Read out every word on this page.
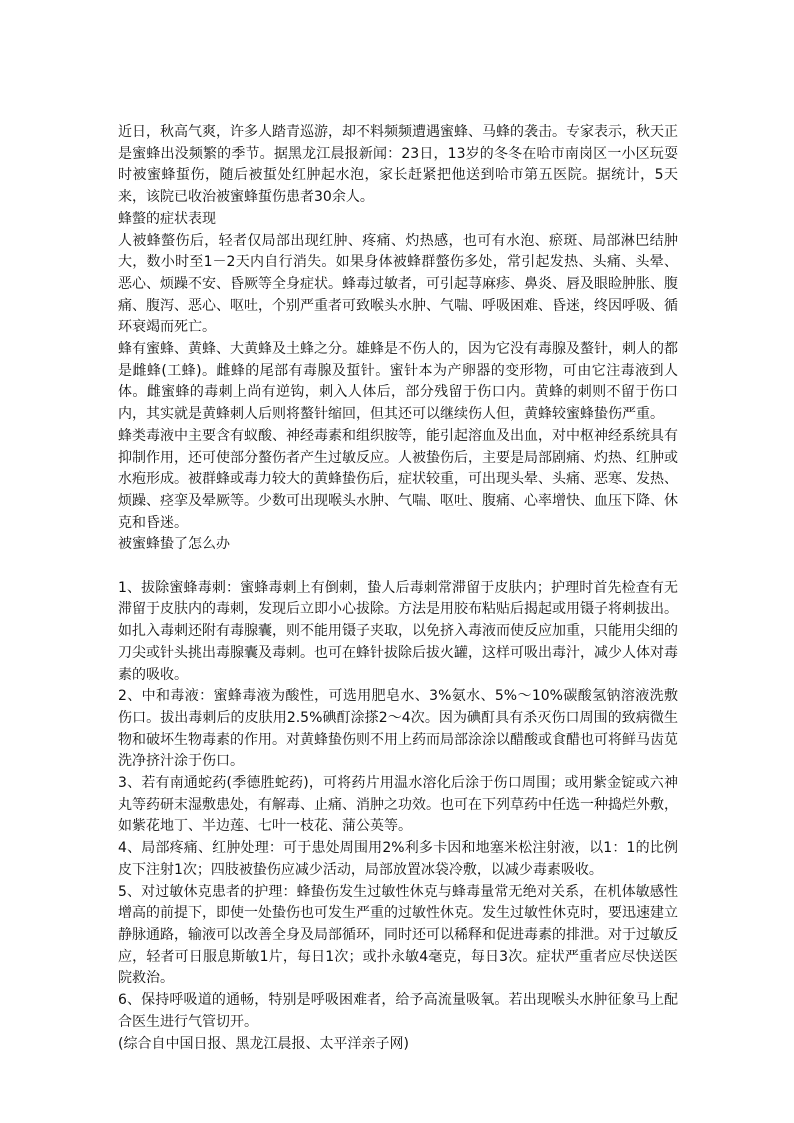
近日，秋高气爽，许多人踏青巡游，却不料频频遭遇蜜蜂、马蜂的袭击。专家表示，秋天正是蜜蜂出没频繁的季节。据黑龙江晨报新闻：23日，13岁的冬冬在哈市南岗区一小区玩耍时被蜜蜂蜇伤，随后被蜇处红肿起水泡，家长赶紧把他送到哈市第五医院。据统计，5天来，该院已收治被蜜蜂蜇伤患者30余人。

蜂螫的症状表现

人被蜂螫伤后，轻者仅局部出现红肿、疼痛、灼热感，也可有水泡、瘀斑、局部淋巴结肿大，数小时至1－2天内自行消失。如果身体被蜂群螫伤多处，常引起发热、头痛、头晕、恶心、烦躁不安、昏厥等全身症状。蜂毒过敏者，可引起荨麻疹、鼻炎、唇及眼睑肿胀、腹痛、腹泻、恶心、呕吐，个别严重者可致喉头水肿、气喘、呼吸困难、昏迷，终因呼吸、循环衰竭而死亡。

蜂有蜜蜂、黄蜂、大黄蜂及土蜂之分。雄蜂是不伤人的，因为它没有毒腺及螯针，刺人的都是雌蜂(工蜂)。雌蜂的尾部有毒腺及蜇针。蜜针本为产卵器的变形物，可由它注毒液到人体。雌蜜蜂的毒刺上尚有逆钩，刺入人体后，部分残留于伤口内。黄蜂的刺则不留于伤口内，其实就是黄蜂刺人后则将螯针缩回，但其还可以继续伤人但，黄蜂较蜜蜂蛰伤严重。

蜂类毒液中主要含有蚁酸、神经毒素和组织胺等，能引起溶血及出血，对中枢神经系统具有抑制作用，还可使部分螯伤者产生过敏反应。人被蛰伤后，主要是局部剧痛、灼热、红肿或水疱形成。被群蜂或毒力较大的黄蜂蛰伤后，症状较重，可出现头晕、头痛、恶寒、发热、烦躁、痉挛及晕厥等。少数可出现喉头水肿、气喘、呕吐、腹痛、心率增快、血压下降、休克和昏迷。

被蜜蜂蛰了怎么办

1、拔除蜜蜂毒刺：蜜蜂毒刺上有倒刺，蛰人后毒刺常滞留于皮肤内；护理时首先检查有无滞留于皮肤内的毒刺，发现后立即小心拔除。方法是用胶布粘贴后揭起或用镊子将刺拔出。如扎入毒刺还附有毒腺囊，则不能用镊子夹取，以免挤入毒液而使反应加重，只能用尖细的刀尖或针头挑出毒腺囊及毒刺。也可在蜂针拔除后拔火罐，这样可吸出毒汁，减少人体对毒素的吸收。

2、中和毒液：蜜蜂毒液为酸性，可选用肥皂水、3%氨水、5%～10%碳酸氢钠溶液洗敷伤口。拔出毒刺后的皮肤用2.5%碘酊涂搽2～4次。因为碘酊具有杀灭伤口周围的致病微生物和破坏生物毒素的作用。对黄蜂蛰伤则不用上药而局部涂涂以醋酸或食醋也可将鲜马齿苋洗净挤汁涂于伤口。

3、若有南通蛇药(季德胜蛇药)，可将药片用温水溶化后涂于伤口周围；或用紫金锭或六神丸等药研末湿敷患处，有解毒、止痛、消肿之功效。也可在下列草药中任选一种捣烂外敷，如紫花地丁、半边莲、七叶一枝花、蒲公英等。

4、局部疼痛、红肿处理：可于患处周围用2%利多卡因和地塞米松注射液，以1：1的比例皮下注射1次；四肢被蛰伤应减少活动，局部放置冰袋冷敷，以减少毒素吸收。

5、对过敏休克患者的护理：蜂蛰伤发生过敏性休克与蜂毒量常无绝对关系，在机体敏感性增高的前提下，即使一处蛰伤也可发生严重的过敏性休克。发生过敏性休克时，要迅速建立静脉通路，输液可以改善全身及局部循环，同时还可以稀释和促进毒素的排泄。对于过敏反应，轻者可日服息斯敏1片，每日1次；或扑永敏4毫克，每日3次。症状严重者应尽快送医院救治。

6、保持呼吸道的通畅，特别是呼吸困难者，给予高流量吸氧。若出现喉头水肿征象马上配合医生进行气管切开。

(综合自中国日报、黑龙江晨报、太平洋亲子网)
